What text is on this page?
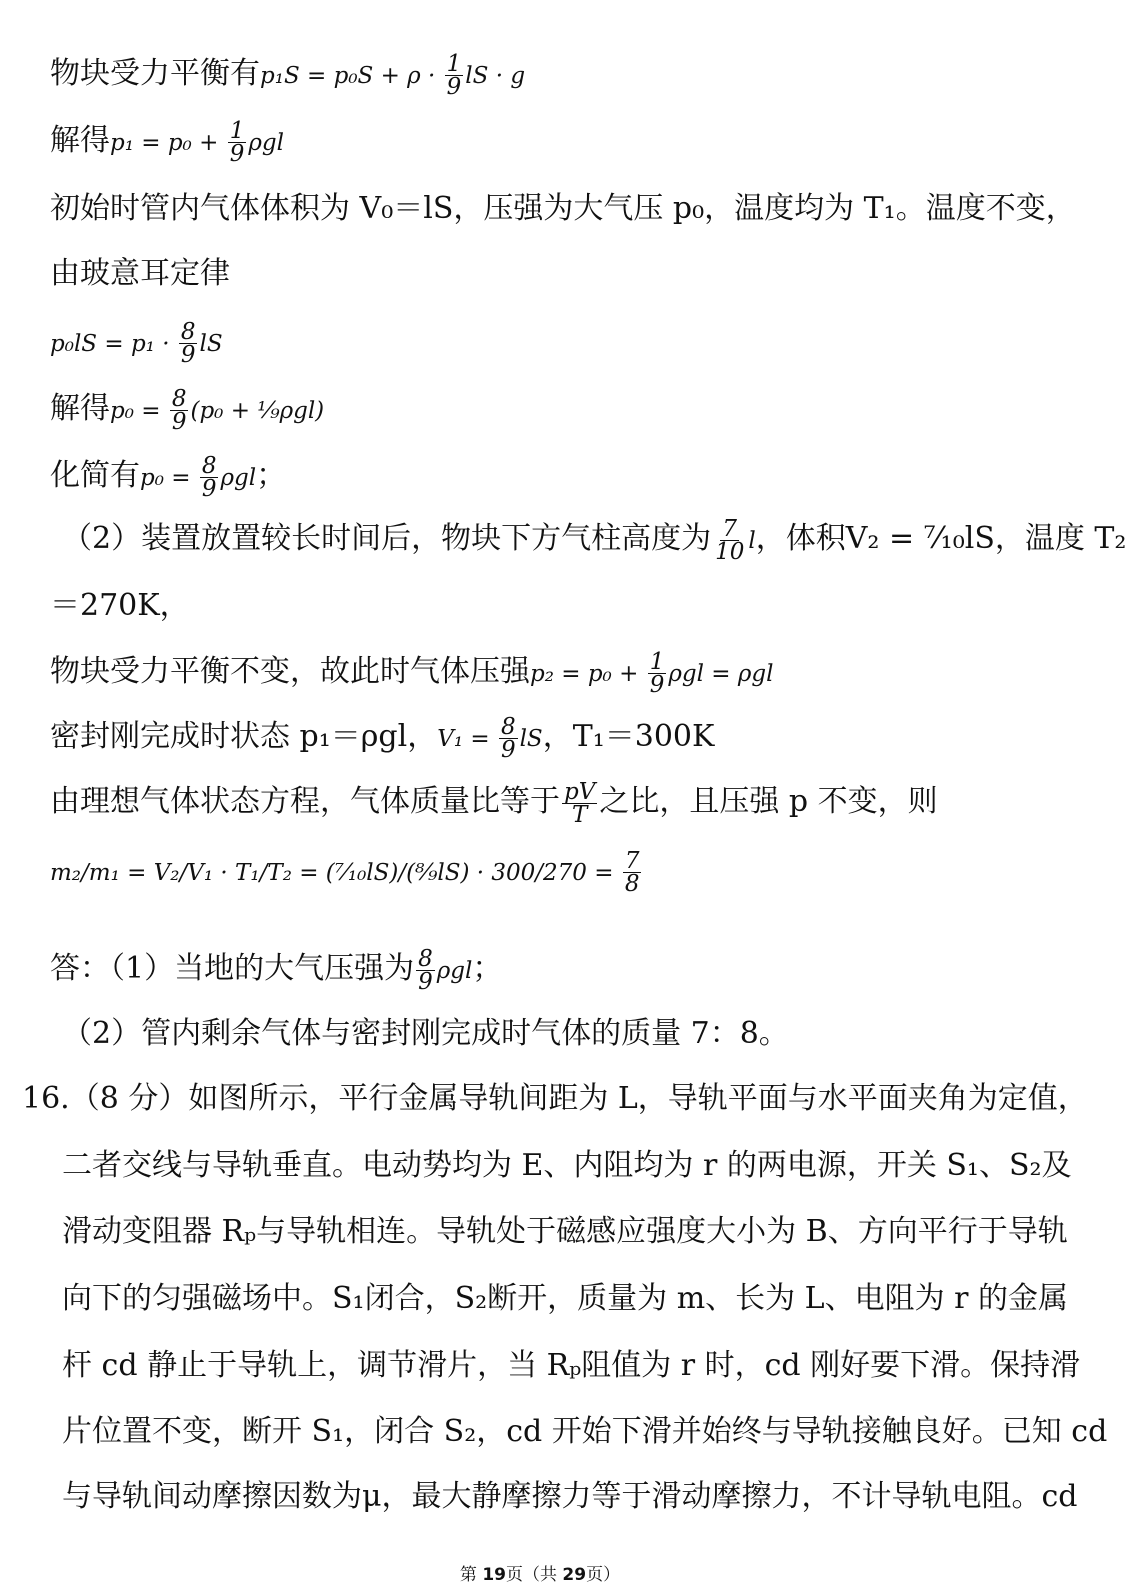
物块受力平衡有$p_1S = p_0S + \rho \cdot \frac{1}{9}$ lS · g
解得$p_1 = p_0 + \frac{1}{9}$ ρgl
初始时管内气体体积为 V₀＝lS，压强为大气压 p₀，温度均为 T₁。温度不变，
由玻意耳定律
$p_0lS = p_1 \cdot \frac{8}{9}$ lS
解得$p_0 = \frac{8}{9} (p_0$ + ¹⁄₉ρgl)
化简有$p_0 = \frac{8}{9}$ ρgl；
（2）装置放置较长时间后，物块下方气柱高度为 $\frac{7}{10}$ l，体积V₂ = ⁷⁄₁₀lS，温度 T₂
＝270K，
物块受力平衡不变，故此时气体压强$p_2 = p_0 + \frac{1}{9}$ ρgl = ρgl
密封刚完成时状态 p₁＝ρgl，$V_1 = \frac{8}{9}$ lS，T₁＝300K
由理想气体状态方程，气体质量比等于 $\frac{pV}{T}$ 之比，且压强 p 不变，则
m₂/m₁ = V₂/V₁ · T₁/T₂ = (⁷⁄₁₀lS)/(⁸⁄₉lS) · $300/270 = \frac{7}{8}$
答：（1）当地的大气压强为 $\frac{8}{9}$ ρgl；
（2）管内剩余气体与密封刚完成时气体的质量 7：8。
16.（8 分）如图所示，平行金属导轨间距为 L，导轨平面与水平面夹角为定值，
二者交线与导轨垂直。电动势均为 E、内阻均为 r 的两电源，开关 S₁、S₂及
滑动变阻器 Rₚ与导轨相连。导轨处于磁感应强度大小为 B、方向平行于导轨
向下的匀强磁场中。S₁闭合，S₂断开，质量为 m、长为 L、电阻为 r 的金属
杆 cd 静止于导轨上，调节滑片，当 Rₚ阻值为 r 时，cd 刚好要下滑。保持滑
片位置不变，断开 S₁，闭合 S₂，cd 开始下滑并始终与导轨接触良好。已知 cd
与导轨间动摩擦因数为μ，最大静摩擦力等于滑动摩擦力，不计导轨电阻。cd
第 19页（共 29页）
